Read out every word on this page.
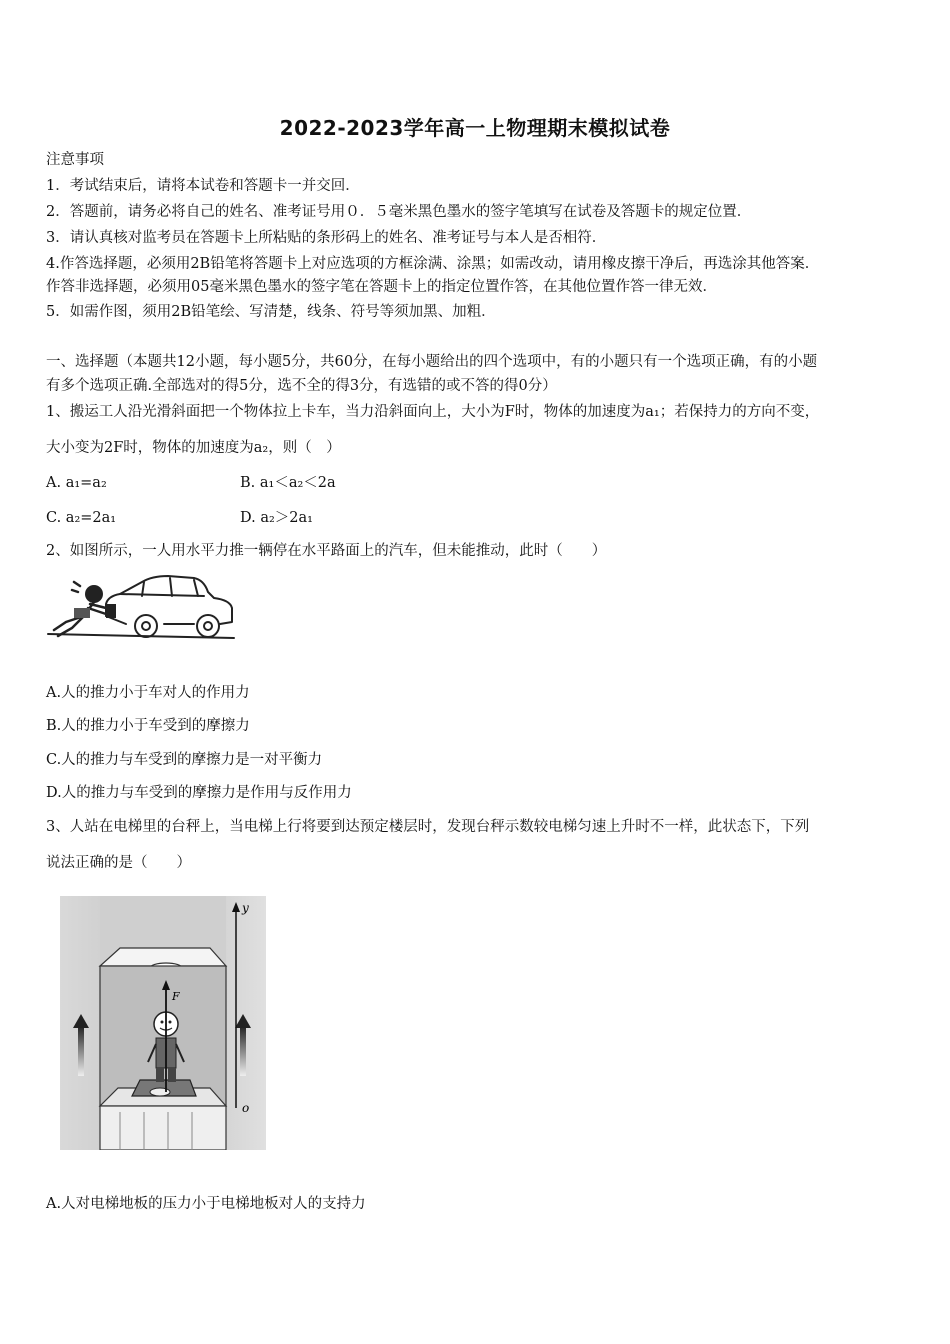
2022-2023学年高一上物理期末模拟试卷
注意事项
1．考试结束后，请将本试卷和答题卡一并交回．
2．答题前，请务必将自己的姓名、准考证号用０．５毫米黑色墨水的签字笔填写在试卷及答题卡的规定位置．
3．请认真核对监考员在答题卡上所粘贴的条形码上的姓名、准考证号与本人是否相符．
4.作答选择题，必须用2B铅笔将答题卡上对应选项的方框涂满、涂黑；如需改动，请用橡皮擦干净后，再选涂其他答案．
作答非选择题，必须用05毫米黑色墨水的签字笔在答题卡上的指定位置作答，在其他位置作答一律无效．
5．如需作图，须用2B铅笔绘、写清楚，线条、符号等须加黑、加粗．
一、选择题（本题共12小题，每小题5分，共60分，在每小题给出的四个选项中，有的小题只有一个选项正确，有的小题
有多个选项正确.全部选对的得5分，选不全的得3分，有选错的或不答的得0分）
1、搬运工人沿光滑斜面把一个物体拉上卡车，当力沿斜面向上，大小为F时，物体的加速度为a₁；若保持力的方向不变，
大小变为2F时，物体的加速度为a₂，则（　）
A. a₁=a₂	B. a₁＜a₂＜2a
C. a₂=2a₁	D. a₂＞2a₁
2、如图所示，一人用水平力推一辆停在水平路面上的汽车，但未能推动，此时（　　）
A.人的推力小于车对人的作用力
B.人的推力小于车受到的摩擦力
C.人的推力与车受到的摩擦力是一对平衡力
D.人的推力与车受到的摩擦力是作用与反作用力
3、人站在电梯里的台秤上，当电梯上行将要到达预定楼层时，发现台秤示数较电梯匀速上升时不一样，此状态下，下列
说法正确的是（　　）
F
y
o
A.人对电梯地板的压力小于电梯地板对人的支持力
